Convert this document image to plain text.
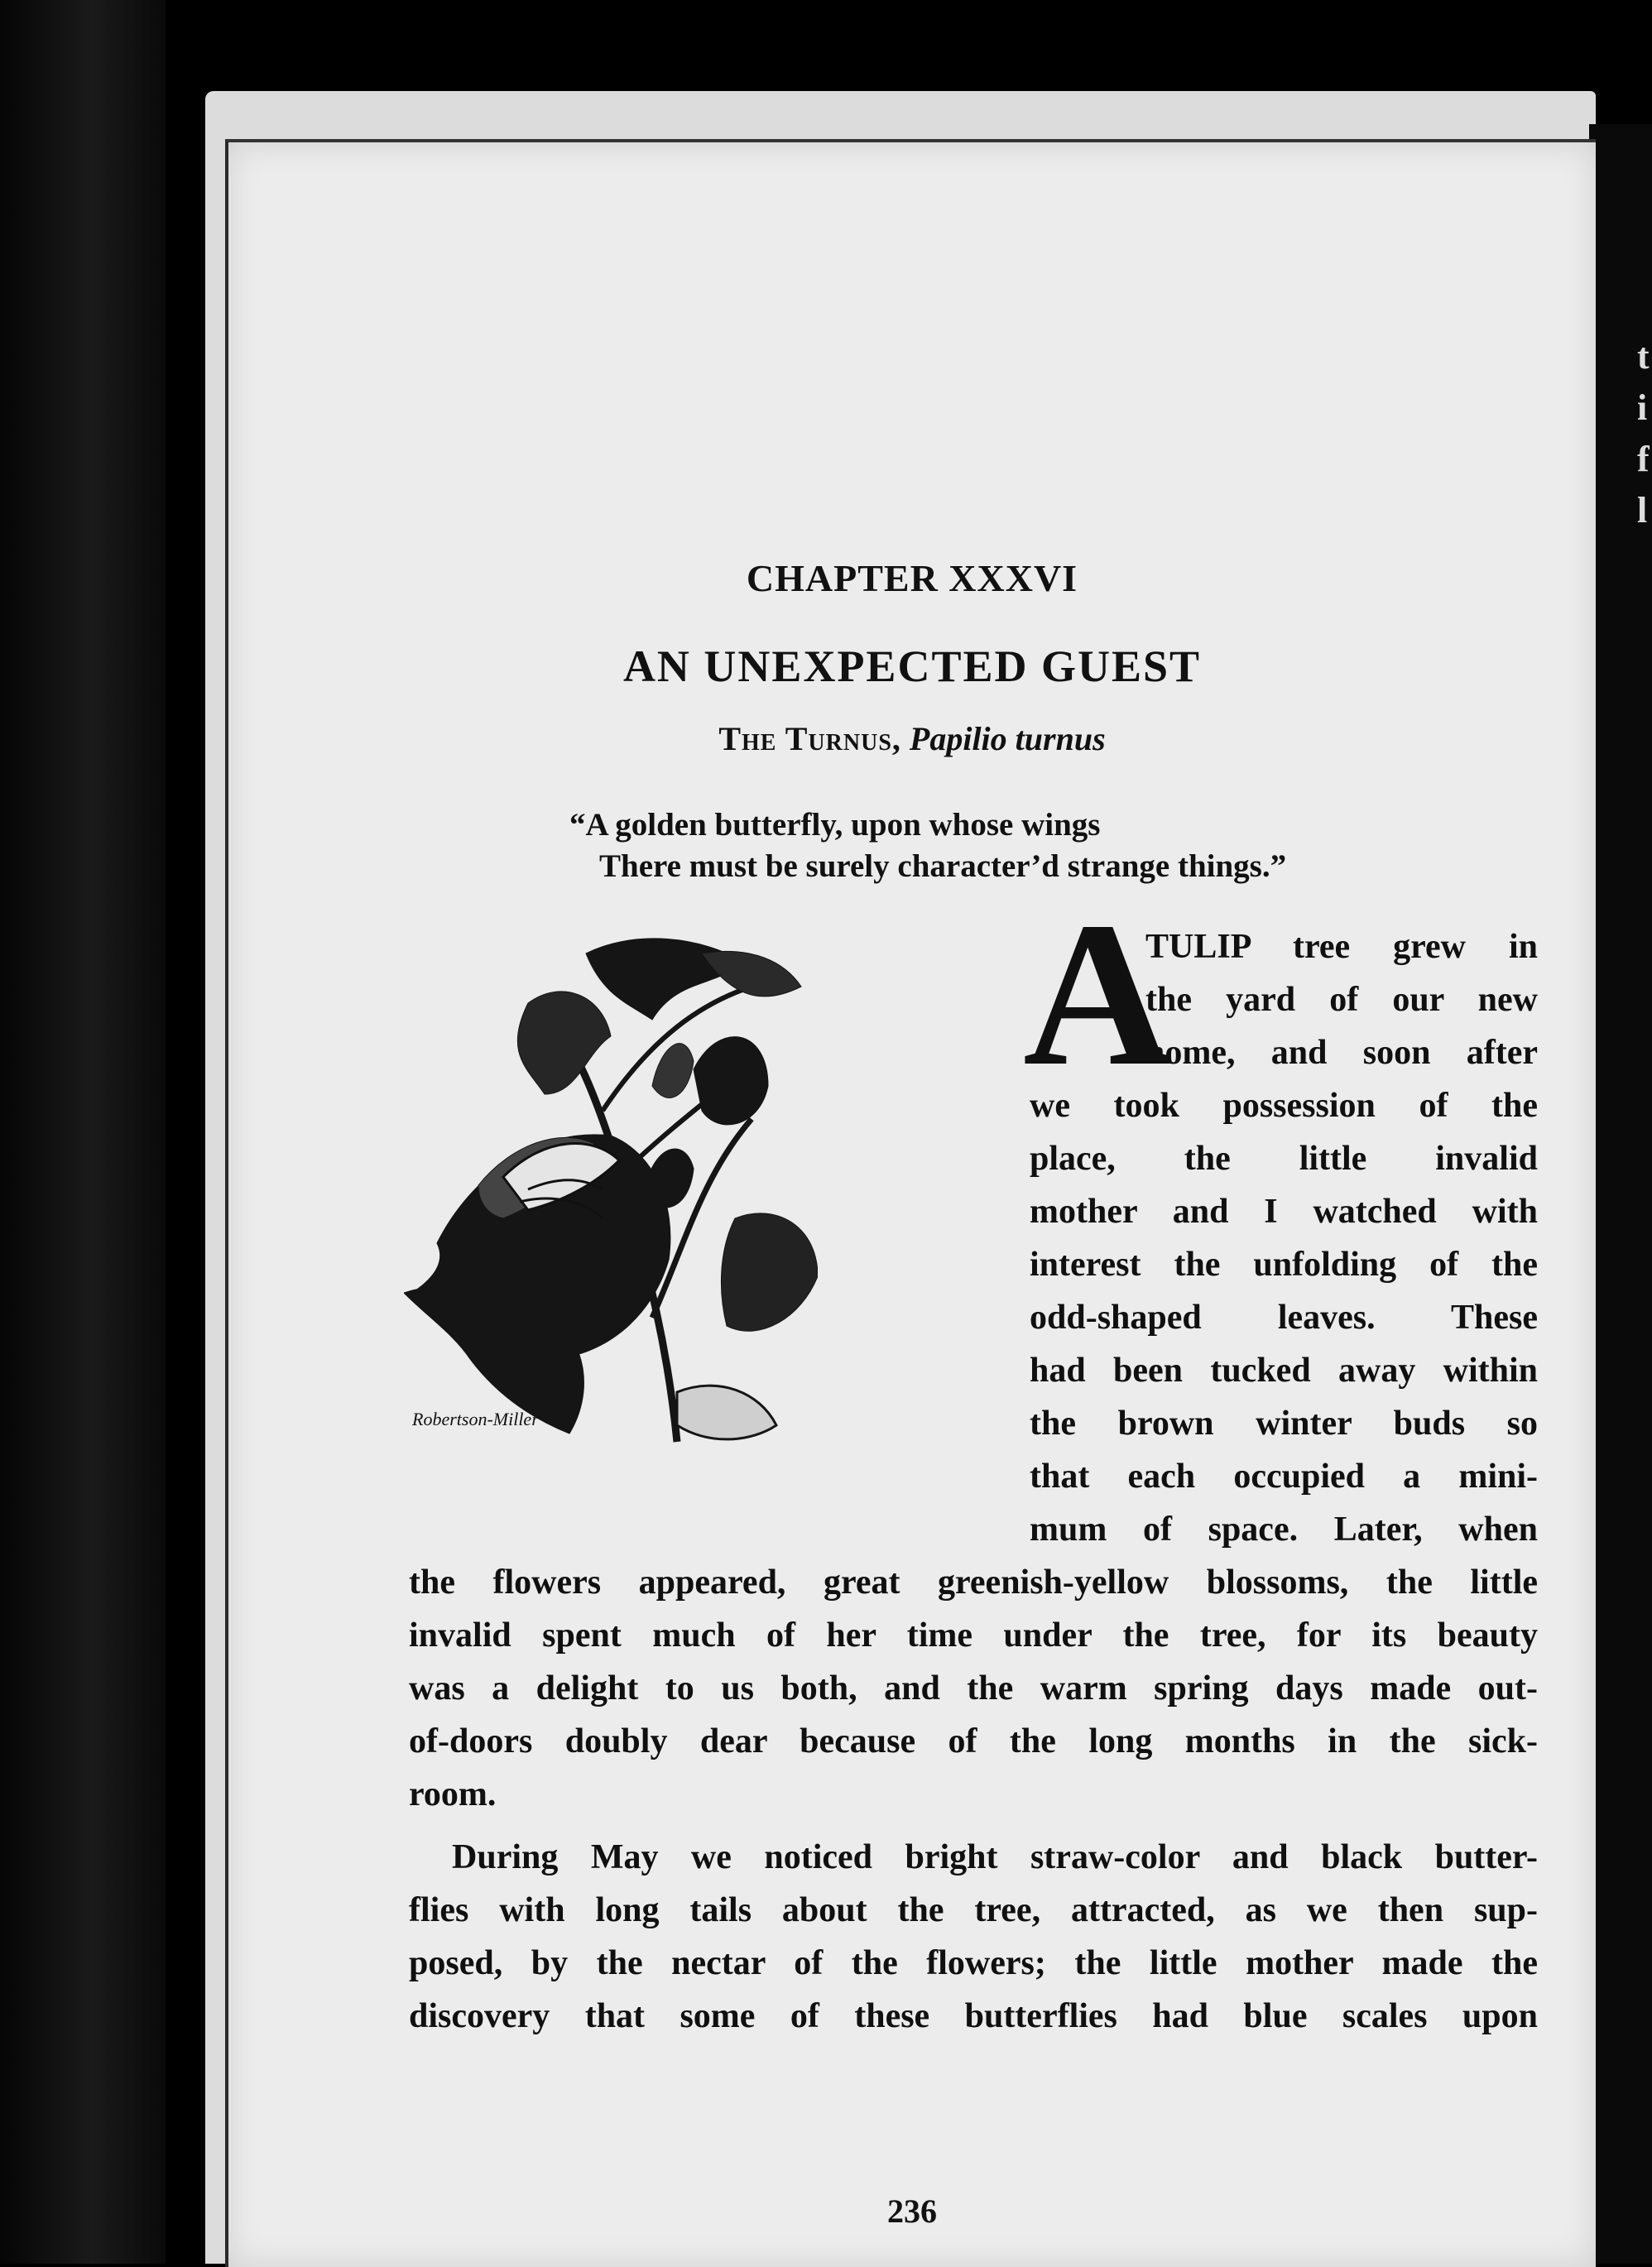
t
i
f
l
CHAPTER XXXVI
AN UNEXPECTED GUEST
The Turnus, Papilio turnus
“A golden butterfly, upon whose wings
There must be surely character’d strange things.”
Robertson-Miller
A
TULIP tree grew in
the yard of our new
home, and soon after
we took possession of the
place, the little invalid
mother and I watched with
interest the unfolding of the
odd-shaped leaves. These
had been tucked away within
the brown winter buds so
that each occupied a mini-
mum of space. Later, when
the flowers appeared, great greenish-yellow blossoms, the little
invalid spent much of her time under the tree, for its beauty
was a delight to us both, and the warm spring days made out-
of-doors doubly dear because of the long months in the sick-
room.
During May we noticed bright straw-color and black butter-
flies with long tails about the tree, attracted, as we then sup-
posed, by the nectar of the flowers; the little mother made the
discovery that some of these butterflies had blue scales upon
236
